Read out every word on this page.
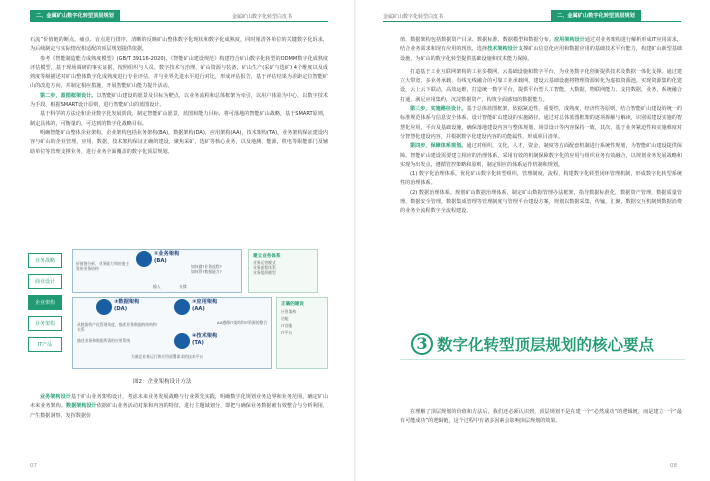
二、金属矿山数字化转型顶层规划	金属矿山数字化转型白皮书

石流”价值链的断点、痛点、盲点进行排序，清晰的反映矿山整体数字化现状和数字化成熟度，同时厘清各单位的关键数字化诉求，为后续制定与实际情况相适配的顶层规划提供依据。

参考《智能制造能力成熟度模型》(GB/T 39116-2020)、《智能矿山建设规范》构建符合矿山数字化转型的ODMM数字化成熟度评估模型，基于现场调研的事实证据，按照组织与人员、数字技术与治理、矿山资源与装备、矿山生产(采矿与选矿) 4个维度以及成熟度等级描述对矿山整体数字化成熟度进行专业评估，并与业界先进水平进行对比，形成评估报告，基于评估结果为差距定位智能矿山的改进方向，并制定相应措施，开展智能矿山能力提升活动。

第二步，蓝图框架设计。以智能矿山建设的愿景及目标为靶点，以业务流程和总体框架为牵引，以用户体验为中心，以数字技术为手段，根据SMART设计原则，进行智能矿山的蓝图设计。

基于科学的方法论和企业数字化发展阶段，制定智能矿山愿景，蓝图和能力目标，将可落地的智能矿山战略，基于SMART原则，制定具体的，可衡量的，可达到的数字化战略目标。

明确智能矿山整体企业架构，企业架构包括业务架构(BA)，数据架构(DA)，应用架构(AA)，技术架构(TA)，业务架构保证建设内容与矿山的企业管理，应用，数据，技术架构保证正确的建设，聚焦采矿，选矿等核心业务，以及地测，能源，机电等职能部门及辅助单位等管理支撑业务，进行业务全面覆盖的数字化顶层规划。

业务战略
商业设计
企业架构
业务架构
IT产品
价值链分析、业务能力和价值主张的业务结构
①业务架构
(BA)
如何做?业务流程?
如何管?数据能力?
输入	支撑
建立业务体系
业务运营模式
业务流程体系
业务组织模型
③数据架构
(DA)
②应用架构
(AA)
从数据资产化管理角度，描述业务数据的结构和关系
AA遵循IT架构和IT资源的整合
描述业务和数据所需的应用系统
④技术架构
(TA)
为满足业务运行和应用部署需求的技术平台
正确的建设
应用架构
功能
IT设施
IT平台
图2：企业架构设计方法

业务架构设计基于矿山业务架构设计，考虑未来业务发展战略与行业领先实践，明确数字化规划业务边界和业务范围，确定矿山未来业务架构。数据架构设计依据矿山业务活动对象和内容的特征，进行主题域划分，即把与确保业务数据被有效整合与分析利用，产生数据洞察，发挥数据价

07
金属矿山数字化转型白皮书	二、金属矿山数字化转型顶层规划

值，数据架构包括数据资产目录、数据标准、数据模型和数据分布。应用架构设计通过对业务架构进行解析形成IT应用需求，结合业务需求和现有应用的现状，选择技术架构设计支撑矿山信息化应用和数据应用的基础技术平台能力，构建矿山新型基础设施，为矿山的数字化转型提供基础设施和技术能力保障。

打造基于工业互联网架构的工业多模网，云基础设施和数字平台，为业务数字化创新提供技术及数据一体化支撑。通过建立大带宽，多业务承载，有线无线融合的可靠工业承载网，建设云基础设施将物理资源转化为虚拟资源池，实现资源集约化建设，云上云下联动，高效运维，打造统一数字平台，提供平台型人工智能，大数据，物联网能力，支持数据，业务，系统融合打通，满足应用集约，沉淀数据资产，构筑全面感知的数据能力。

第三步，实施路径设计。基于总体蓝图框架，依据紧迫性，重要性，成熟度，经济性等原则，结合智能矿山建设的统一的标准规范体系与信息安全体系，设计智能矿山建设的实施路径。通过对总体蓝图框架的逐项拆解与解读，识别需建设实施的智慧化应用，平台及基础设施，确保落地建设内容与整体规划，场景设计等内容保持一致，其次，基于业务紧迫性和实施难度对分智慧化建设内容，并根据数字化建设内容的功能属性，形成项目清单。

第四步，保障体系规划。通过对组织，文化，人才，资金，制度等方面配套机制进行系统性规划，为智能矿山建设提供保障。智能矿山建设需要建立相应的治理体系，采用有效的机制保障数字化的应用与组织业务有效融合，以规划业务发展战略和实现为出发点，遵循管控策略和原则，制定相应的体系运作机制和规划。

(1) 数字化治理体系。优化矿山数字化转型组织，管理制度，流程，构建数字化转型闭环管理机制，形成数字化转型系统性的治理体系。

(2) 数据治理体系。规划矿山数据治理体系，制定矿山数据管理办法框架，指导数据标准化，数据资产管理，数据质量管理，数据安全管理，数据集成管理等管理制度与管理平台建设方案，规划以数据采集，传输，汇聚，数据交互机制到数据消费的业务全流程数字全流程建设。

在理解了顶层规划的价值和方法后，我们还必须认识到，顶层规划不是在建一个“必然成功”的逻辑链，而是建立一个“最有可能成功”的逻辑链，这个过程中有诸多因素会影响顶层规划的效果。

08
3 数字化转型顶层规划的核心要点
